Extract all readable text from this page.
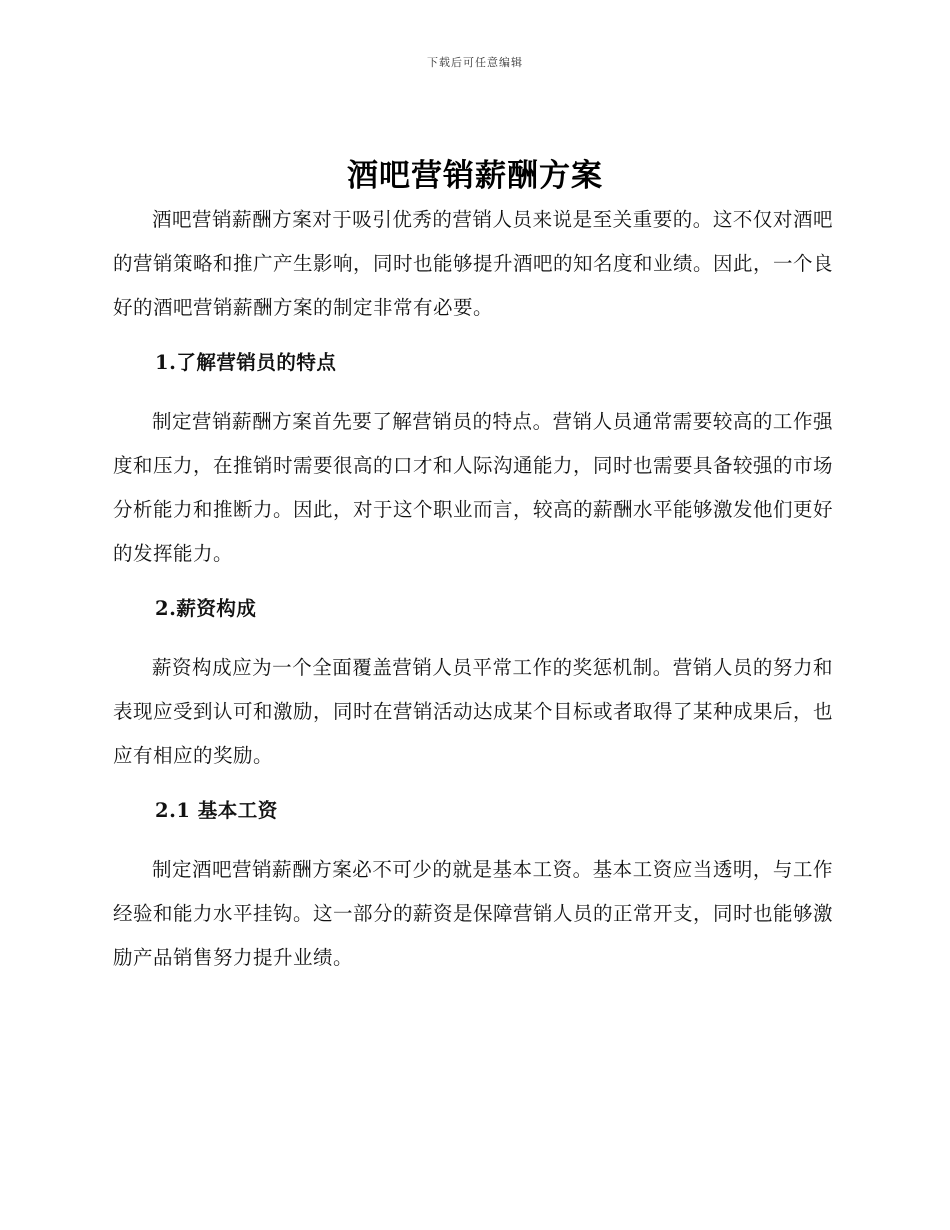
下载后可任意编辑
酒吧营销薪酬方案

酒吧营销薪酬方案对于吸引优秀的营销人员来说是至关重要的。这不仅对酒吧的营销策略和推广产生影响，同时也能够提升酒吧的知名度和业绩。因此，一个良好的酒吧营销薪酬方案的制定非常有必要。

1.了解营销员的特点

制定营销薪酬方案首先要了解营销员的特点。营销人员通常需要较高的工作强度和压力，在推销时需要很高的口才和人际沟通能力，同时也需要具备较强的市场分析能力和推断力。因此，对于这个职业而言，较高的薪酬水平能够激发他们更好的发挥能力。

2.薪资构成

薪资构成应为一个全面覆盖营销人员平常工作的奖惩机制。营销人员的努力和表现应受到认可和激励，同时在营销活动达成某个目标或者取得了某种成果后，也应有相应的奖励。

2.1 基本工资

制定酒吧营销薪酬方案必不可少的就是基本工资。基本工资应当透明，与工作经验和能力水平挂钩。这一部分的薪资是保障营销人员的正常开支，同时也能够激励产品销售努力提升业绩。
